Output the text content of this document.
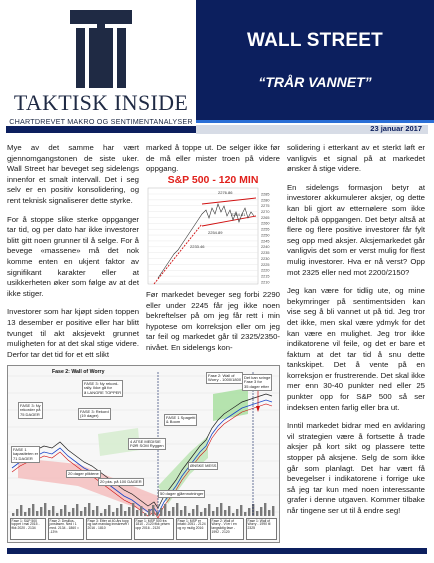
TAKTISK INSIDE
CHARTDREVET MAKRO OG SENTIMENTANALYSER
WALL STREET
“TRÅR VANNET”
23 januar 2017

Mye av det samme har vært gjennomgangstonen de siste uker. Wall Street har beveget seg sidelengs innenfor et smalt intervall. Det i seg selv er en positiv konsolidering, og rent teknisk signaliserer dette styrke.

For å stoppe slike sterke oppganger tar tid, og per dato har ikke investorer blitt gitt noen grunner til å selge. For å bevege «massene» må det nok komme enten en ukjent faktor av signifikant karakter eller at usikkerheten øker som følge av at det ikke stiger.

Investorer som har kjøpt siden toppen 13 desember er positive eller har blitt tvunget til akt aksjevekt grunnet muligheten for at det skal stige videre. Derfor tar det tid for et ett slikt

marked å toppe ut. De selger ikke før de må eller mister troen på videre oppgang.

S&P 500 - 120 MIN
2285
2280
2275
2270
2265
2260
2255
2250
2245
2240
2235
2230
2225
2220
2215
2210
2276.86
2264.81
2254.89
2233.46

Før markedet beveger seg forbi 2290 eller under 2245 får jeg ikke noen bekreftelser på om jeg får rett i min hypotese om korreksjon eller om jeg tar feil og markedet går til 2325/2350-nivået. En sidelengs kon-

solidering i etterkant av et sterkt løft er vanligvis et signal på at markedet ønsker å stige videre.

En sidelengs formasjon betyr at investorer akkumulerer aksjer, og dette kan bli gjort av etternølere som ikke deltok på oppgangen. Det betyr altså at flere og flere positive investorer får fylt seg opp med aksjer. Aksjemarkedet går vanligvis det som er verst mulig for flest mulig investorer. Hva er nå verst? Opp mot 2325 eller ned mot 2200/2150?

Jeg kan være for tidlig ute, og mine bekymringer på sentimentsiden kan vise seg å bli vannet ut på tid. Jeg tror det ikke, men skal være ydmyk for det kan være en mulighet. Jeg tror ikke indikatorene vil feile, og det er bare et faktum at det tar tid å snu dette tankskipet. Det å vente på en korreksjon er frustrerende. Det skal ikke mer enn 30-40 punkter ned eller 25 punkter opp for S&P 500 så ser indeksen enten farlig eller bra ut.

Inntil markedet bidrar med en avklaring vil strategien være å fortsette å trade aksjer på kort sikt og plassere tette stopper på aksjene. Selg de som ikke går som planlagt. Det har vært få bevegelser i indikatorene i forrige uke så jeg tar kun med noen interessante grafer i denne utgaven. Kommer tilbake når tingene ser ut til å endre seg!

Fase 2: Wall of Worry
FASE 3: Ny rekord-
rally. Ikke gå for
å LANGRE TOPPER
FASE 3: Ny
rekorder på
75 DAGER
FASE 3: Rekord
(19 dager)
FASE 1
kapasiteten er
71 DAGER
FASE 1 Spagetti
& Boom
Fase 2: Wall of
Worry - 1000/1800
Det kan svinge
Fase 3 for
35 dager etter
20 dager pliktene
20 pks. på 100 DAGER
50 dager gjåennotninger
4 ATSE MEDISIE
FØR SOM Ryggen
ØNSKE MESS
Fase 1: S&P 500 toppet i mai 2015 - fikk 2020 - 2134
Fase 2: Desillus-jonsfasen. Ned i 1 mnd. 2134 - 1860 = -13%
Fase 3: Etter at 40-års topp og lavt mandag innskrevet i 2016 - 1810
Fase 1: MSP 500 fra 1810 - 2120 fikk prisen opp 2016 - 2120
Fase 1: MSP er intakt: 2051 - 2124 og ny mulig 2016
Fase 2: Wall of Worry - Vi er i en langsiktig fase - 1992 - 2120
Fase 1: Wall of Worry - 1990 til 2325
